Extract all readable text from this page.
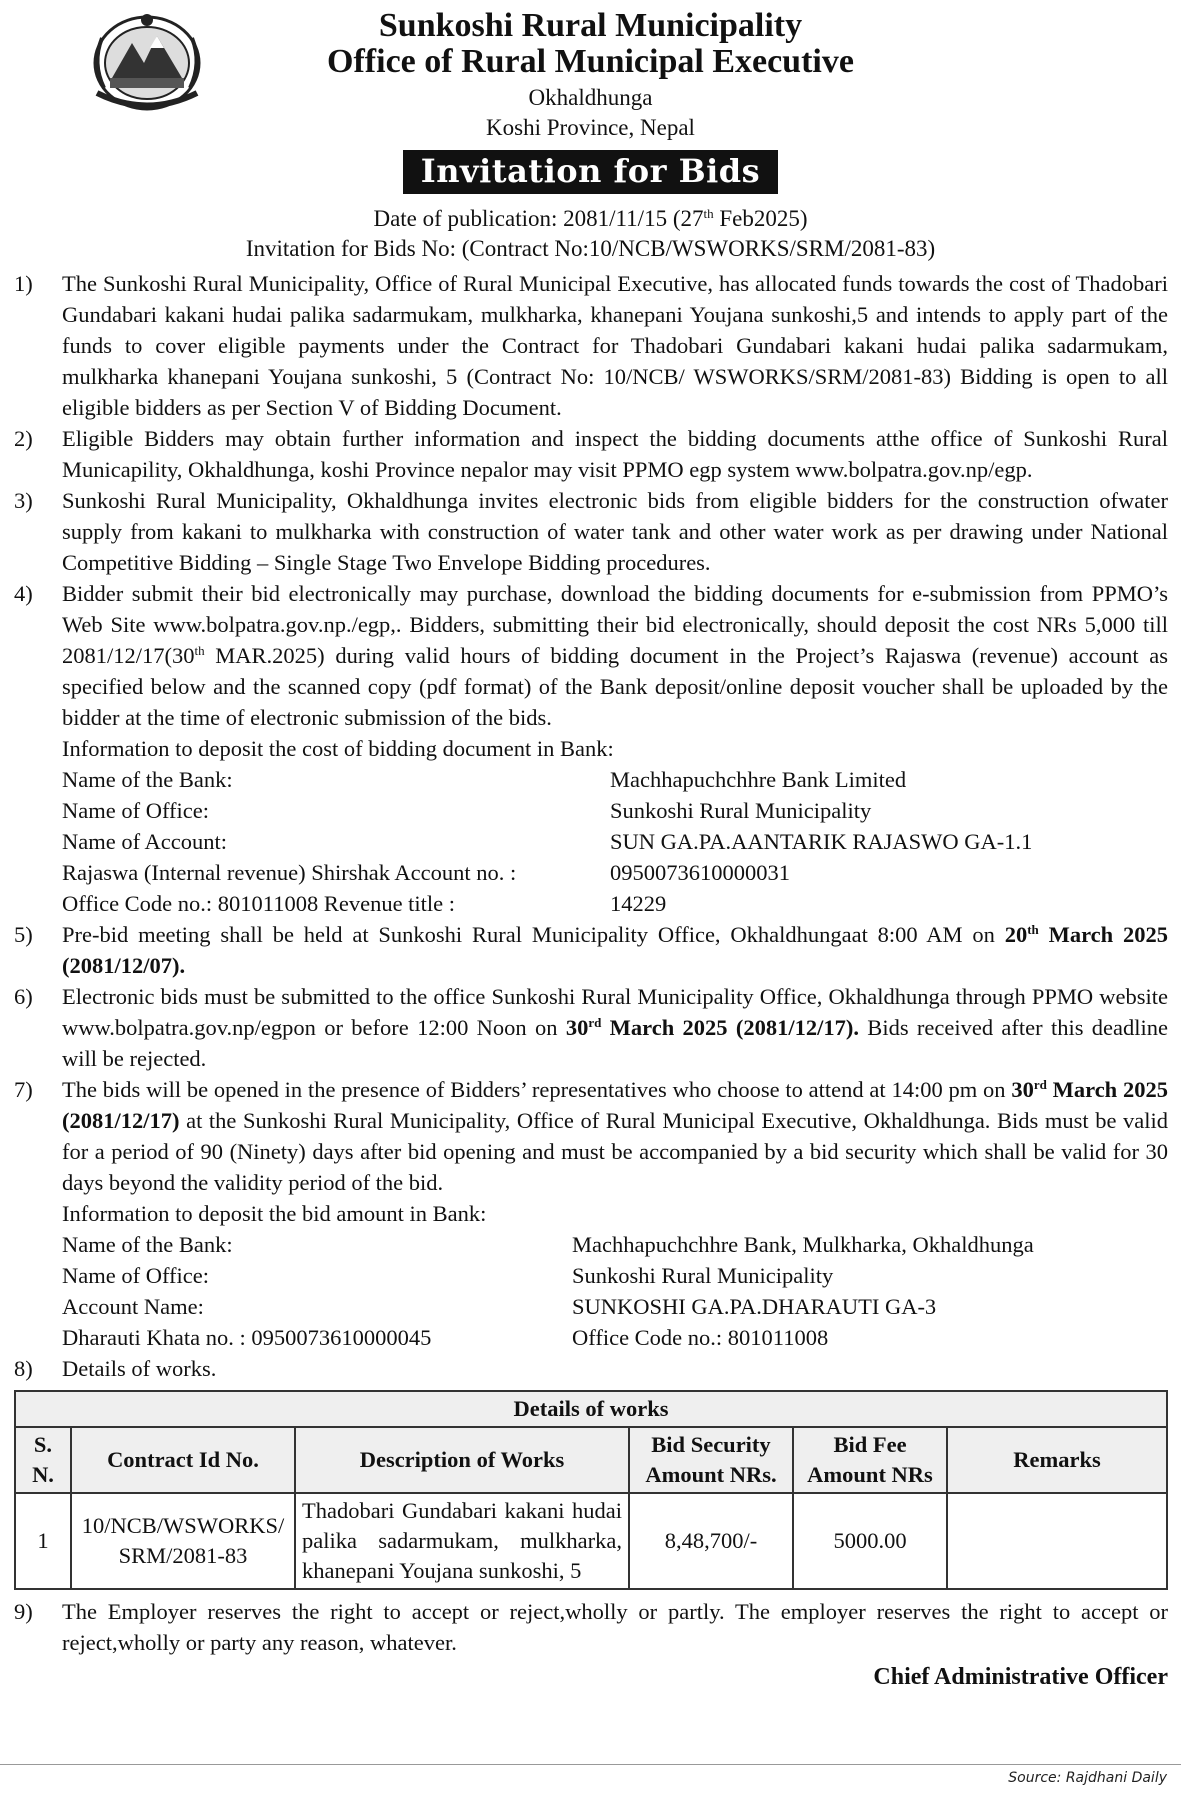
Sunkoshi Rural Municipality
Office of Rural Municipal Executive
Okhaldhunga
Koshi Province, Nepal
Invitation for Bids
Date of publication: 2081/11/15 (27th Feb2025)
Invitation for Bids No: (Contract No:10/NCB/WSWORKS/SRM/2081-83)
1) The Sunkoshi Rural Municipality, Office of Rural Municipal Executive, has allocated funds towards the cost of Thadobari Gundabari kakani hudai palika sadarmukam, mulkharka, khanepani Youjana sunkoshi,5 and intends to apply part of the funds to cover eligible payments under the Contract for Thadobari Gundabari kakani hudai palika sadarmukam, mulkharka khanepani Youjana sunkoshi, 5 (Contract No: 10/NCB/ WSWORKS/SRM/2081-83) Bidding is open to all eligible bidders as per Section V of Bidding Document.
2) Eligible Bidders may obtain further information and inspect the bidding documents atthe office of Sunkoshi Rural Municapility, Okhaldhunga, koshi Province nepalor may visit PPMO egp system www.bolpatra.gov.np/egp.
3) Sunkoshi Rural Municipality, Okhaldhunga invites electronic bids from eligible bidders for the construction ofwater supply from kakani to mulkharka with construction of water tank and other water work as per drawing under National Competitive Bidding – Single Stage Two Envelope Bidding procedures.
4) Bidder submit their bid electronically may purchase, download the bidding documents for e-submission from PPMO’s Web Site www.bolpatra.gov.np./egp,. Bidders, submitting their bid electronically, should deposit the cost NRs 5,000 till 2081/12/17(30th MAR.2025) during valid hours of bidding document in the Project’s Rajaswa (revenue) account as specified below and the scanned copy (pdf format) of the Bank deposit/online deposit voucher shall be uploaded by the bidder at the time of electronic submission of the bids.
Information to deposit the cost of bidding document in Bank:
Name of the Bank:	Machhapuchchhre Bank Limited
Name of Office:	Sunkoshi Rural Municipality
Name of Account:	SUN GA.PA.AANTARIK RAJASWO GA-1.1
Rajaswa (Internal revenue) Shirshak Account no. :	0950073610000031
Office Code no.: 801011008 Revenue title :	14229
5) Pre-bid meeting shall be held at Sunkoshi Rural Municipality Office, Okhaldhungaat 8:00 AM on 20th March 2025 (2081/12/07).
6) Electronic bids must be submitted to the office Sunkoshi Rural Municipality Office, Okhaldhunga through PPMO website www.bolpatra.gov.np/egpon or before 12:00 Noon on 30rd March 2025 (2081/12/17). Bids received after this deadline will be rejected.
7) The bids will be opened in the presence of Bidders’ representatives who choose to attend at 14:00 pm on 30rd March 2025 (2081/12/17) at the Sunkoshi Rural Municipality, Office of Rural Municipal Executive, Okhaldhunga. Bids must be valid for a period of 90 (Ninety) days after bid opening and must be accompanied by a bid security which shall be valid for 30 days beyond the validity period of the bid.
Information to deposit the bid amount in Bank:
Name of the Bank:	Machhapuchchhre Bank, Mulkharka, Okhaldhunga
Name of Office:	Sunkoshi Rural Municipality
Account Name:	SUNKOSHI GA.PA.DHARAUTI GA-3
Dharauti Khata no. : 0950073610000045	Office Code no.: 801011008
8) Details of works.
Details of works					
S. N.	Contract Id No.	Description of Works	Bid Security Amount NRs.	Bid Fee Amount NRs	Remarks
1	10/NCB/WSWORKS/ SRM/2081-83	Thadobari Gundabari kakani hudai palika sadarmukam, mulkharka, khanepani Youjana sunkoshi, 5	8,48,700/-	5000.00	
9) The Employer reserves the right to accept or reject,wholly or partly. The employer reserves the right to accept or reject,wholly or party any reason, whatever.
Chief Administrative Officer
Source: Rajdhani Daily
